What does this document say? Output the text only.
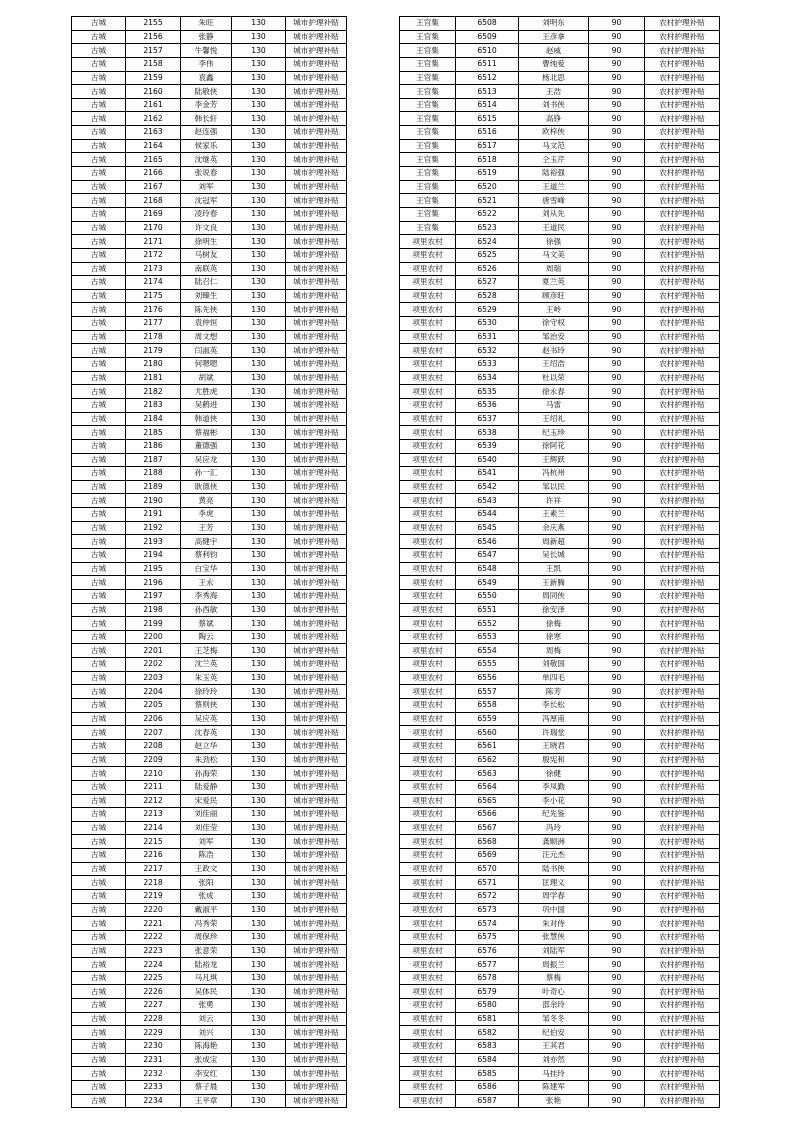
古城	2155	朱旺	130	城市护理补贴
古城	2156	张静	130	城市护理补贴
古城	2157	牛馨悦	130	城市护理补贴
古城	2158	李伟	130	城市护理补贴
古城	2159	袁鑫	130	城市护理补贴
古城	2160	陆敬侠	130	城市护理补贴
古城	2161	李金芳	130	城市护理补贴
古城	2162	韩长轩	130	城市护理补贴
古城	2163	赵连强	130	城市护理补贴
古城	2164	侯家乐	130	城市护理补贴
古城	2165	沈继英	130	城市护理补贴
古城	2166	张说春	130	城市护理补贴
古城	2167	刘军	130	城市护理补贴
古城	2168	沈冠军	130	城市护理补贴
古城	2169	凌玲春	130	城市护理补贴
古城	2170	许文良	130	城市护理补贴
古城	2171	徐明生	130	城市护理补贴
古城	2172	马树友	130	城市护理补贴
古城	2173	南联英	130	城市护理补贴
古城	2174	陆召仁	130	城市护理补贴
古城	2175	刘臻生	130	城市护理补贴
古城	2176	陈先侠	130	城市护理补贴
古城	2177	袁仲恒	130	城市护理补贴
古城	2178	周文想	130	城市护理补贴
古城	2179	闫淑英	130	城市护理补贴
古城	2180	何嗯嗯	130	城市护理补贴
古城	2181	胡斌	130	城市护理补贴
古城	2182	尤胜虎	130	城市护理补贴
古城	2183	吴鹤进	130	城市护理补贴
古城	2184	韩道侠	130	城市护理补贴
古城	2185	蔡福彬	130	城市护理补贴
古城	2186	董德强	130	城市护理补贴
古城	2187	吴应龙	130	城市护理补贴
古城	2188	孙一汇	130	城市护理补贴
古城	2189	耿德侠	130	城市护理补贴
古城	2190	黄亮	130	城市护理补贴
古城	2191	李虎	130	城市护理补贴
古城	2192	王芳	130	城市护理补贴
古城	2193	高健宇	130	城市护理补贴
古城	2194	蔡利钧	130	城市护理补贴
古城	2195	白宝华	130	城市护理补贴
古城	2196	王永	130	城市护理补贴
古城	2197	李秀海	130	城市护理补贴
古城	2198	孙西敏	130	城市护理补贴
古城	2199	蔡斌	130	城市护理补贴
古城	2200	陶云	130	城市护理补贴
古城	2201	王芝梅	130	城市护理补贴
古城	2202	沈兰英	130	城市护理补贴
古城	2203	朱玉英	130	城市护理补贴
古城	2204	徐玲玲	130	城市护理补贴
古城	2205	蔡则侠	130	城市护理补贴
古城	2206	吴应英	130	城市护理补贴
古城	2207	沈春英	130	城市护理补贴
古城	2208	赵立华	130	城市护理补贴
古城	2209	朱劲松	130	城市护理补贴
古城	2210	孙海荣	130	城市护理补贴
古城	2211	陆爱静	130	城市护理补贴
古城	2212	宋爱民	130	城市护理补贴
古城	2213	刘佳丽	130	城市护理补贴
古城	2214	刘佳莹	130	城市护理补贴
古城	2215	刘军	130	城市护理补贴
古城	2216	陈浩	130	城市护理补贴
古城	2217	王政文	130	城市护理补贴
古城	2218	张阳	130	城市护理补贴
古城	2219	张成	130	城市护理补贴
古城	2220	戴淑平	130	城市护理补贴
古城	2221	冯秀荣	130	城市护理补贴
古城	2222	周保珍	130	城市护理补贴
古城	2223	张意荣	130	城市护理补贴
古城	2224	陆裕龙	130	城市护理补贴
古城	2225	马凡琪	130	城市护理补贴
古城	2226	吴体民	130	城市护理补贴
古城	2227	张勇	130	城市护理补贴
古城	2228	刘云	130	城市护理补贴
古城	2229	刘兴	130	城市护理补贴
古城	2230	陈海艳	130	城市护理补贴
古城	2231	张成宝	130	城市护理补贴
古城	2232	李安红	130	城市护理补贴
古城	2233	蔡子晨	130	城市护理补贴
古城	2234	王平章	130	城市护理补贴
王官集	6508	刘明东	90	农村护理补贴
王官集	6509	王彦拿	90	农村护理补贴
王官集	6510	赵威	90	农村护理补贴
王官集	6511	曹纯爱	90	农村护理补贴
王官集	6512	杨北思	90	农村护理补贴
王官集	6513	王浩	90	农村护理补贴
王官集	6514	刘书侠	90	农村护理补贴
王官集	6515	高铮	90	农村护理补贴
王官集	6516	欧梓侠	90	农村护理补贴
王官集	6517	马文范	90	农村护理补贴
王官集	6518	仝玉芹	90	农村护理补贴
王官集	6519	陆裕强	90	农村护理补贴
王官集	6520	王道兰	90	农村护理补贴
王官集	6521	唐雪峰	90	农村护理补贴
王官集	6522	刘从先	90	农村护理补贴
王官集	6523	王道民	90	农村护理补贴
项里农村	6524	徐强	90	农村护理补贴
项里农村	6525	马文美	90	农村护理补贴
项里农村	6526	周瑞	90	农村护理补贴
项里农村	6527	夏兰英	90	农村护理补贴
项里农村	6528	顾彦旺	90	农村护理补贴
项里农村	6529	王岭	90	农村护理补贴
项里农村	6530	徐守权	90	农村护理补贴
项里农村	6531	邹治安	90	农村护理补贴
项里农村	6532	赵书玲	90	农村护理补贴
项里农村	6533	王绍浩	90	农村护理补贴
项里农村	6534	杜以荣	90	农村护理补贴
项里农村	6535	徐永春	90	农村护理补贴
项里农村	6536	马雷	90	农村护理补贴
项里农村	6537	王绍礼	90	农村护理补贴
项里农村	6538	纪玉珍	90	农村护理补贴
项里农村	6539	徐阿花	90	农村护理补贴
项里农村	6540	王辉跃	90	农村护理补贴
项里农村	6541	冯杭州	90	农村护理补贴
项里农村	6542	邹以民	90	农村护理补贴
项里农村	6543	许祥	90	农村护理补贴
项里农村	6544	王素兰	90	农村护理补贴
项里农村	6545	余庆燕	90	农村护理补贴
项里农村	6546	周新超	90	农村护理补贴
项里农村	6547	吴长城	90	农村护理补贴
项里农村	6548	王凯	90	农村护理补贴
项里农村	6549	王新腾	90	农村护理补贴
项里农村	6550	周同侠	90	农村护理补贴
项里农村	6551	徐安泽	90	农村护理补贴
项里农村	6552	徐梅	90	农村护理补贴
项里农村	6553	徐寒	90	农村护理补贴
项里农村	6554	周梅	90	农村护理补贴
项里农村	6555	刘敬国	90	农村护理补贴
项里农村	6556	单四毛	90	农村护理补贴
项里农村	6557	陈芳	90	农村护理补贴
项里农村	6558	李长松	90	农村护理补贴
项里农村	6559	冯厚甫	90	农村护理补贴
项里农村	6560	许瑞堂	90	农村护理补贴
项里农村	6561	王晓君	90	农村护理补贴
项里农村	6562	殷宪和	90	农村护理补贴
项里农村	6563	徐健	90	农村护理补贴
项里农村	6564	李凤勤	90	农村护理补贴
项里农村	6565	李小花	90	农村护理补贴
项里农村	6566	纪先鉴	90	农村护理补贴
项里农村	6567	冯玲	90	农村护理补贴
项里农村	6568	龚顺洲	90	农村护理补贴
项里农村	6569	汪元杰	90	农村护理补贴
项里农村	6570	陆书侠	90	农村护理补贴
项里农村	6571	匡理义	90	农村护理补贴
项里农村	6572	周学春	90	农村护理补贴
项里农村	6573	巩中国	90	农村护理补贴
项里农村	6574	朱对侍	90	农村护理补贴
项里农村	6575	张慧侠	90	农村护理补贴
项里农村	6576	刘陆军	90	农村护理补贴
项里农村	6577	周振兰	90	农村护理补贴
项里农村	6578	蔡梅	90	农村护理补贴
项里农村	6579	叶奇心	90	农村护理补贴
项里农村	6580	邵余玲	90	农村护理补贴
项里农村	6581	邹冬冬	90	农村护理补贴
项里农村	6582	纪伯安	90	农村护理补贴
项里农村	6583	王其君	90	农村护理补贴
项里农村	6584	刘亦然	90	农村护理补贴
项里农村	6585	马挂玲	90	农村护理补贴
项里农村	6586	陈建军	90	农村护理补贴
项里农村	6587	张艳	90	农村护理补贴
